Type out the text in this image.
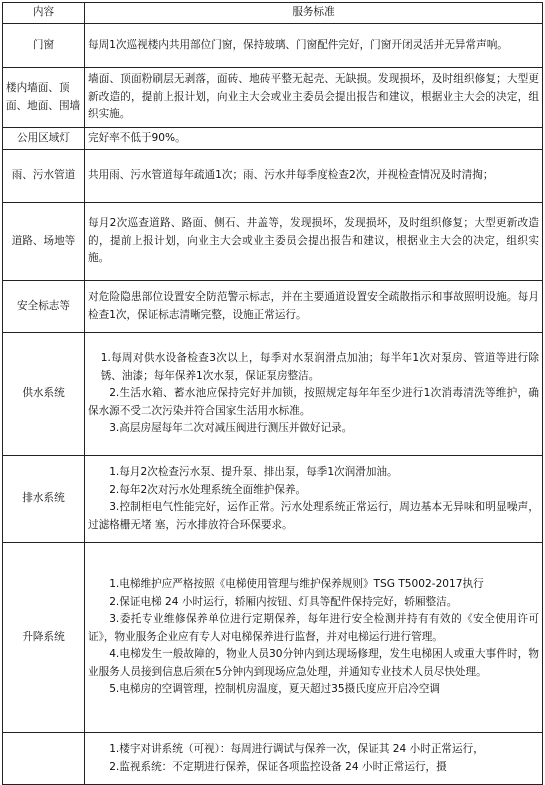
内容	服务标准
门窗	每周1次巡视楼内共用部位门窗，保持玻璃、门窗配件完好，门窗开闭灵活并无异常声响。

楼内墙面、顶面、地面、围墙	墙面、顶面粉刷层无剥落，面砖、地砖平整无起壳、无缺损。发现损坏，及时组织修复；大型更新改造的，提前上报计划，向业主大会或业主委员会提出报告和建议，根据业主大会的决定，组织实施。

公用区域灯	完好率不低于90%。

雨、污水管道	共用雨、污水管道每年疏通1次；雨、污水井每季度检查2次，并视检查情况及时清掏；

道路、场地等	每月2次巡查道路、路面、侧石、井盖等，发现损坏，发现损坏，及时组织修复；大型更新改造的，提前上报计划，向业主大会或业主委员会提出报告和建议，根据业主大会的决定，组织实施。

安全标志等	对危险隐患部位设置安全防范警示标志，并在主要通道设置安全疏散指示和事故照明设施。每月检查1次，保证标志清晰完整，设施正常运行。

供水系统	1.每周对供水设备检查3次以上，每季对水泵润滑点加油；每半年1次对泵房、管道等进行除锈、油漆；每年保养1次水泵，保证泵房整洁。
2.生活水箱、蓄水池应保持完好并加锁，按照规定每年年至少进行1次消毒清洗等维护，确保水源不受二次污染并符合国家生活用水标准。
3.高层房屋每年二次对减压阀进行测压并做好记录。

排水系统	1.每月2次检查污水泵、提升泵、排出泵，每季1次润滑加油。
2.每年2次对污水处理系统全面维护保养。
3.控制柜电气性能完好，运作正常。污水处理系统正常运行，周边基本无异味和明显噪声，过滤格栅无堵 塞，污水排放符合环保要求。

升降系统	1.电梯维护应严格按照《电梯使用管理与维护保养规则》TSG T5002-2017执行
2.保证电梯 24 小时运行，轿厢内按钮、灯具等配件保持完好，轿厢整洁。
3.委托专业维修保养单位进行定期保养，每年进行安全检测并持有有效的《安全使用许可证》，物业服务企业应有专人对电梯保养进行监督，并对电梯运行进行管理。
4.电梯发生一般故障的，物业人员30分钟内到达现场修理，发生电梯困人或重大事件时，物业服务人员接到信息后须在5分钟内到现场应急处理，并通知专业技术人员尽快处理。
5.电梯房的空调管理，控制机房温度，夏天超过35摄氏度应开启冷空调

	1.楼宇对讲系统（可视）：每周进行调试与保养一次，保证其 24 小时正常运行，
2.监视系统：不定期进行保养，保证各项监控设备 24 小时正常运行，摄
